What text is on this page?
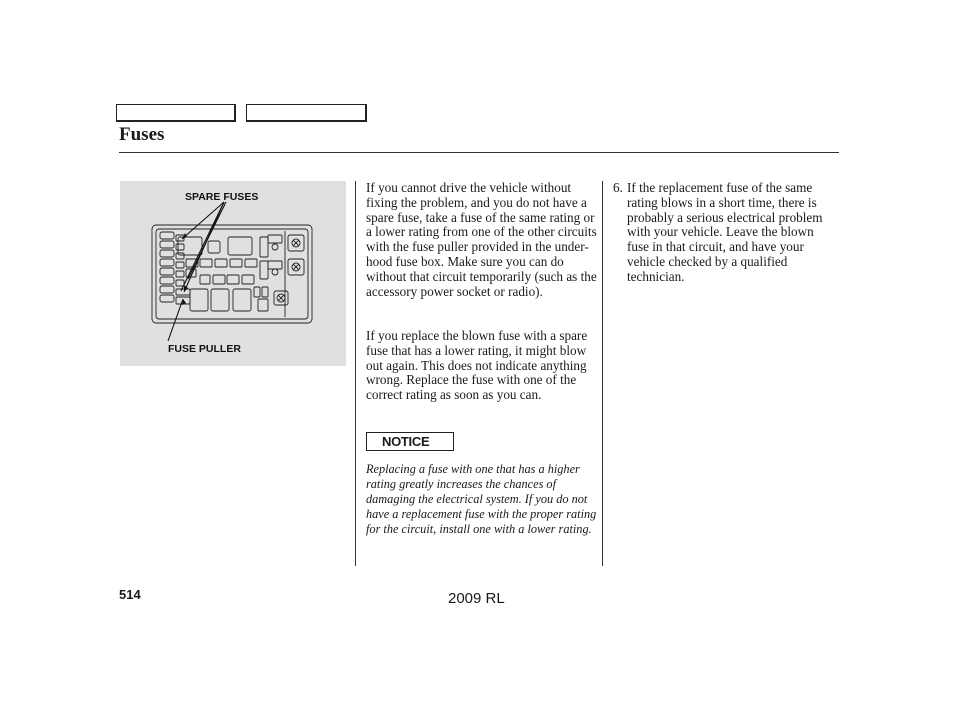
Fuses
SPARE FUSES
FUSE PULLER

If you cannot drive the vehicle without fixing the problem, and you do not have a spare fuse, take a fuse of the same rating or a lower rating from one of the other circuits with the fuse puller provided in the under-hood fuse box. Make sure you can do without that circuit temporarily (such as the accessory power socket or radio).

If you replace the blown fuse with a spare fuse that has a lower rating, it might blow out again. This does not indicate anything wrong. Replace the fuse with one of the correct rating as soon as you can.

NOTICE

Replacing a fuse with one that has a higher rating greatly increases the chances of damaging the electrical system. If you do not have a replacement fuse with the proper rating for the circuit, install one with a lower rating.

6. If the replacement fuse of the same rating blows in a short time, there is probably a serious electrical problem with your vehicle. Leave the blown fuse in that circuit, and have your vehicle checked by a qualified technician.

514	2009 RL
